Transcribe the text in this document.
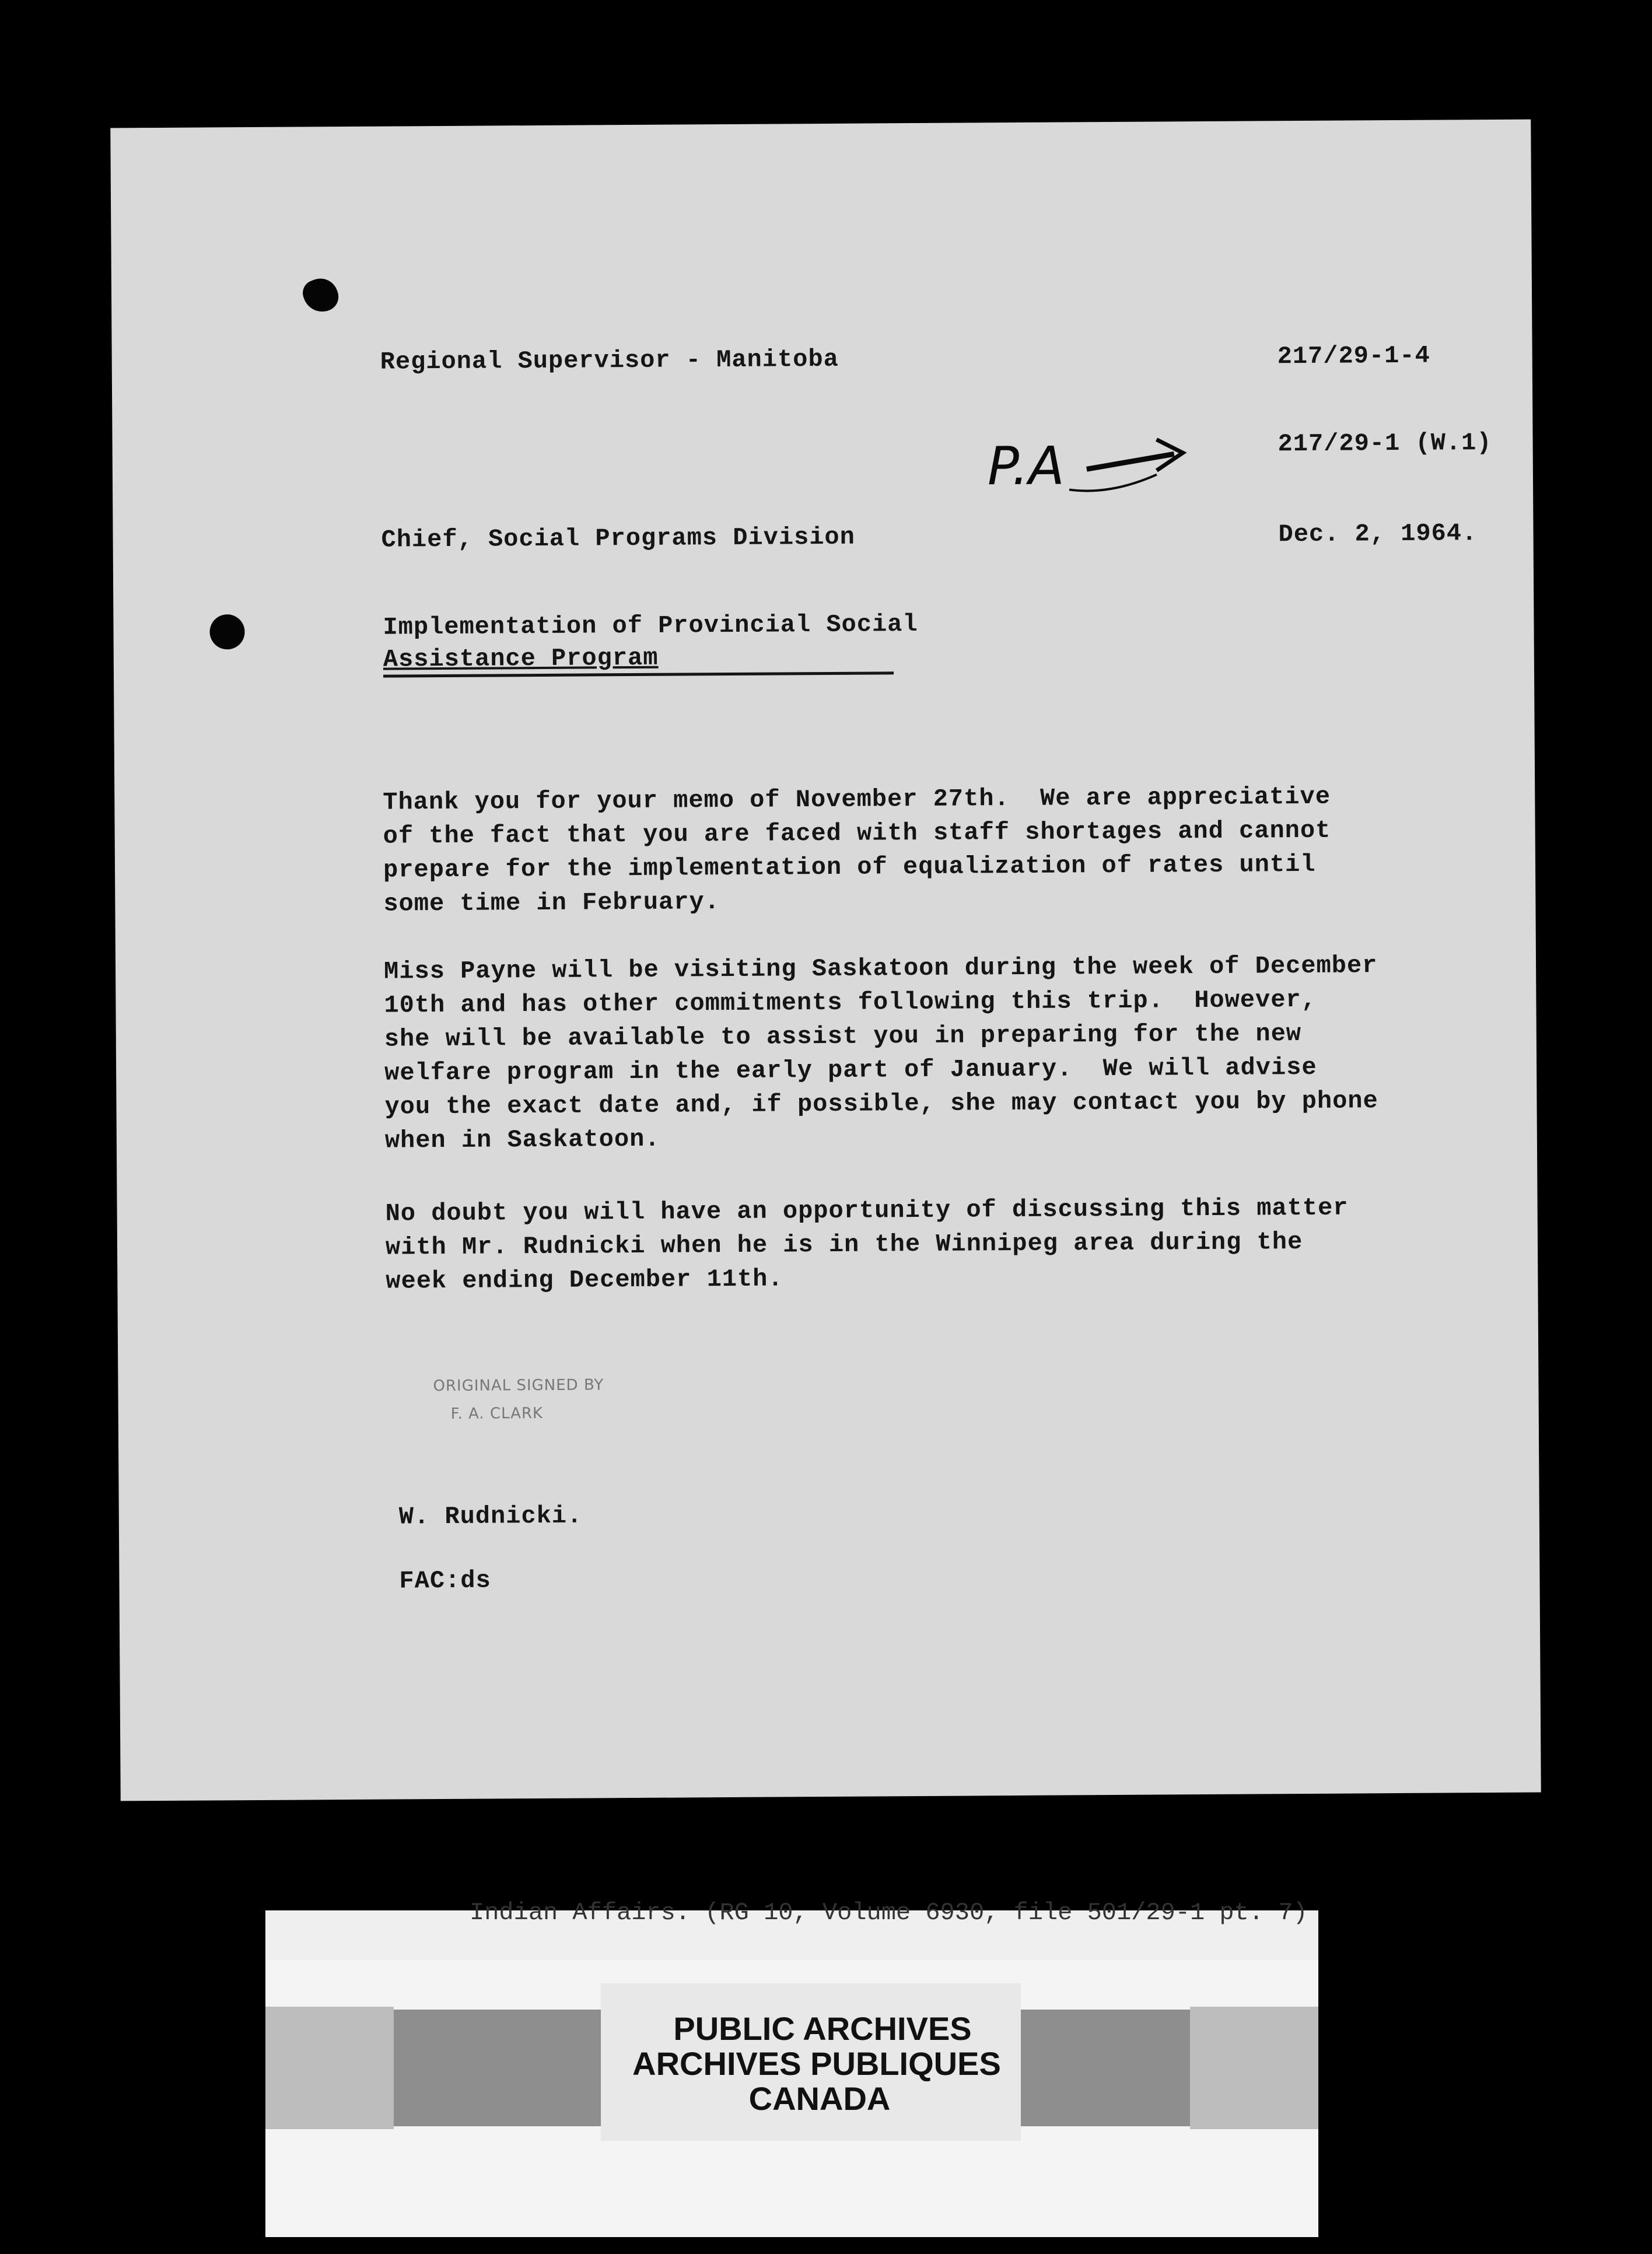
Regional Supervisor - Manitoba	217/29-1-4
217/29-1 (W.1)
P.A
Chief, Social Programs Division	Dec. 2, 1964.
Implementation of Provincial Social
Assistance Program
Thank you for your memo of November 27th.  We are appreciative
of the fact that you are faced with staff shortages and cannot
prepare for the implementation of equalization of rates until
some time in February.
Miss Payne will be visiting Saskatoon during the week of December
10th and has other commitments following this trip.  However,
she will be available to assist you in preparing for the new
welfare program in the early part of January.  We will advise
you the exact date and, if possible, she may contact you by phone
when in Saskatoon.
No doubt you will have an opportunity of discussing this matter
with Mr. Rudnicki when he is in the Winnipeg area during the
week ending December 11th.
ORIGINAL SIGNED BY
F. A. CLARK
W. Rudnicki.
FAC:ds
Indian Affairs. (RG 10, Volume 6930, file 501/29-1 pt. 7)
PUBLIC ARCHIVES
ARCHIVES PUBLIQUES
CANADA
